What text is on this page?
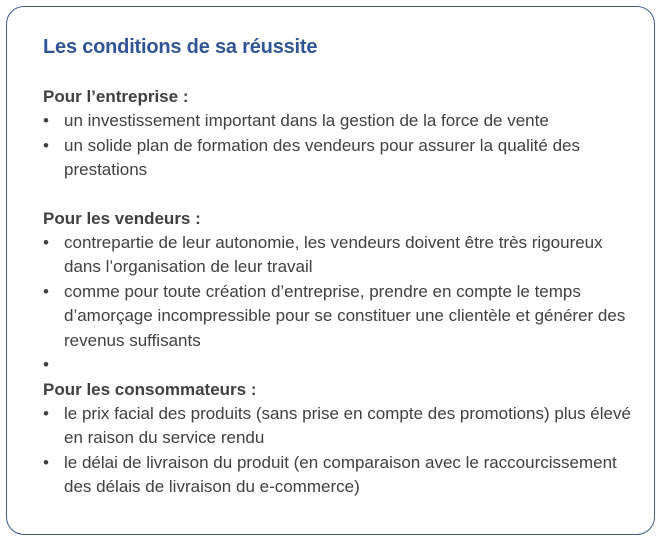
Les conditions de sa réussite
Pour l’entreprise :
• un investissement important dans la gestion de la force de vente
• un solide plan de formation des vendeurs pour assurer la qualité des prestations
Pour les vendeurs :
• contrepartie de leur autonomie, les vendeurs doivent être très rigoureux dans l’organisation de leur travail
• comme pour toute création d’entreprise, prendre en compte le temps d’amorçage incompressible pour se constituer une clientèle et générer des revenus suffisants
•
Pour les consommateurs :
• le prix facial des produits (sans prise en compte des promotions) plus élevé en raison du service rendu
• le délai de livraison du produit (en comparaison avec le raccourcissement des délais de livraison du e-commerce)
